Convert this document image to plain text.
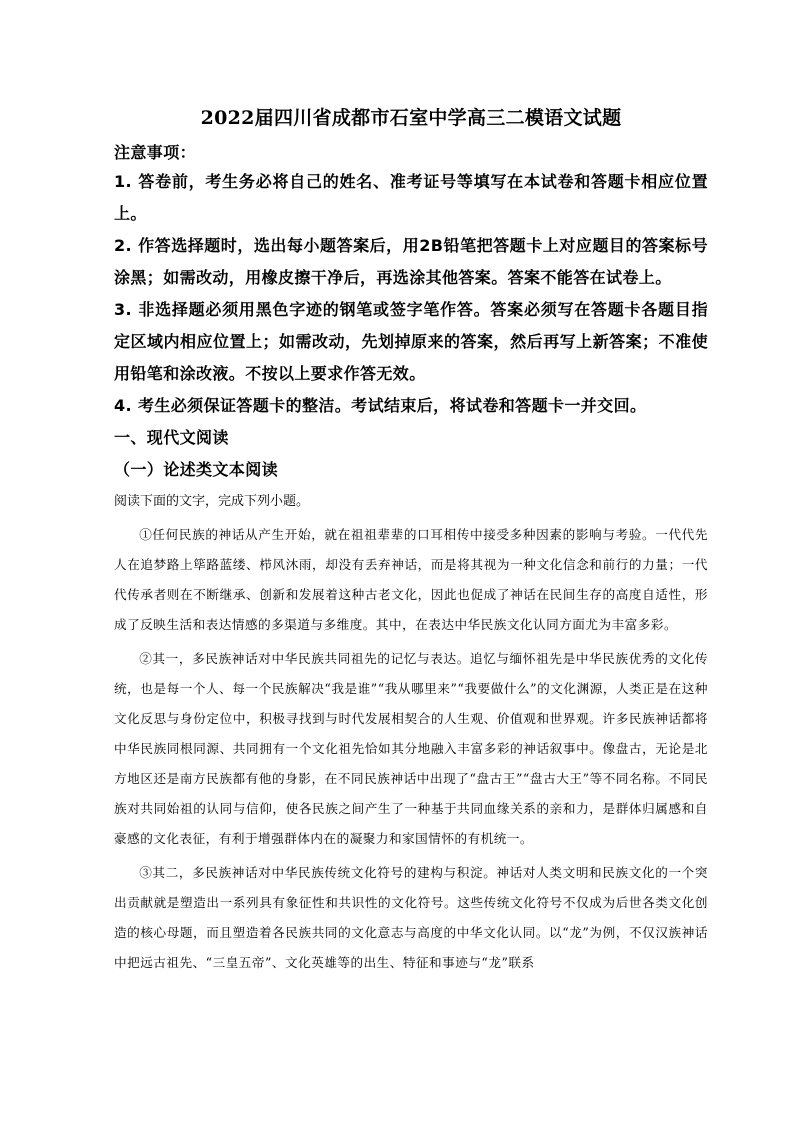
2022届四川省成都市石室中学高三二模语文试题

注意事项：

1. 答卷前，考生务必将自己的姓名、准考证号等填写在本试卷和答题卡相应位置上。

2. 作答选择题时，选出每小题答案后，用2B铅笔把答题卡上对应题目的答案标号涂黑；如需改动，用橡皮擦干净后，再选涂其他答案。答案不能答在试卷上。

3. 非选择题必须用黑色字迹的钢笔或签字笔作答。答案必须写在答题卡各题目指定区域内相应位置上；如需改动，先划掉原来的答案，然后再写上新答案；不准使用铅笔和涂改液。不按以上要求作答无效。

4. 考生必须保证答题卡的整洁。考试结束后，将试卷和答题卡一并交回。

一、现代文阅读

（一）论述类文本阅读

阅读下面的文字，完成下列小题。

①任何民族的神话从产生开始，就在祖祖辈辈的口耳相传中接受多种因素的影响与考验。一代代先人在追梦路上筚路蓝缕、栉风沐雨，却没有丢弃神话，而是将其视为一种文化信念和前行的力量；一代代传承者则在不断继承、创新和发展着这种古老文化，因此也促成了神话在民间生存的高度自适性，形成了反映生活和表达情感的多渠道与多维度。其中，在表达中华民族文化认同方面尤为丰富多彩。

②其一，多民族神话对中华民族共同祖先的记忆与表达。追忆与缅怀祖先是中华民族优秀的文化传统，也是每一个人、每一个民族解决“我是谁”“我从哪里来”“我要做什么”的文化渊源，人类正是在这种文化反思与身份定位中，积极寻找到与时代发展相契合的人生观、价值观和世界观。许多民族神话都将中华民族同根同源、共同拥有一个文化祖先恰如其分地融入丰富多彩的神话叙事中。像盘古，无论是北方地区还是南方民族都有他的身影，在不同民族神话中出现了“盘古王”“盘古大王”等不同名称。不同民族对共同始祖的认同与信仰，使各民族之间产生了一种基于共同血缘关系的亲和力，是群体归属感和自豪感的文化表征，有利于增强群体内在的凝聚力和家国情怀的有机统一。

③其二，多民族神话对中华民族传统文化符号的建构与积淀。神话对人类文明和民族文化的一个突出贡献就是塑造出一系列具有象征性和共识性的文化符号。这些传统文化符号不仅成为后世各类文化创造的核心母题，而且塑造着各民族共同的文化意志与高度的中华文化认同。以“龙”为例，不仅汉族神话中把远古祖先、“三皇五帝”、文化英雄等的出生、特征和事迹与“龙”联系
